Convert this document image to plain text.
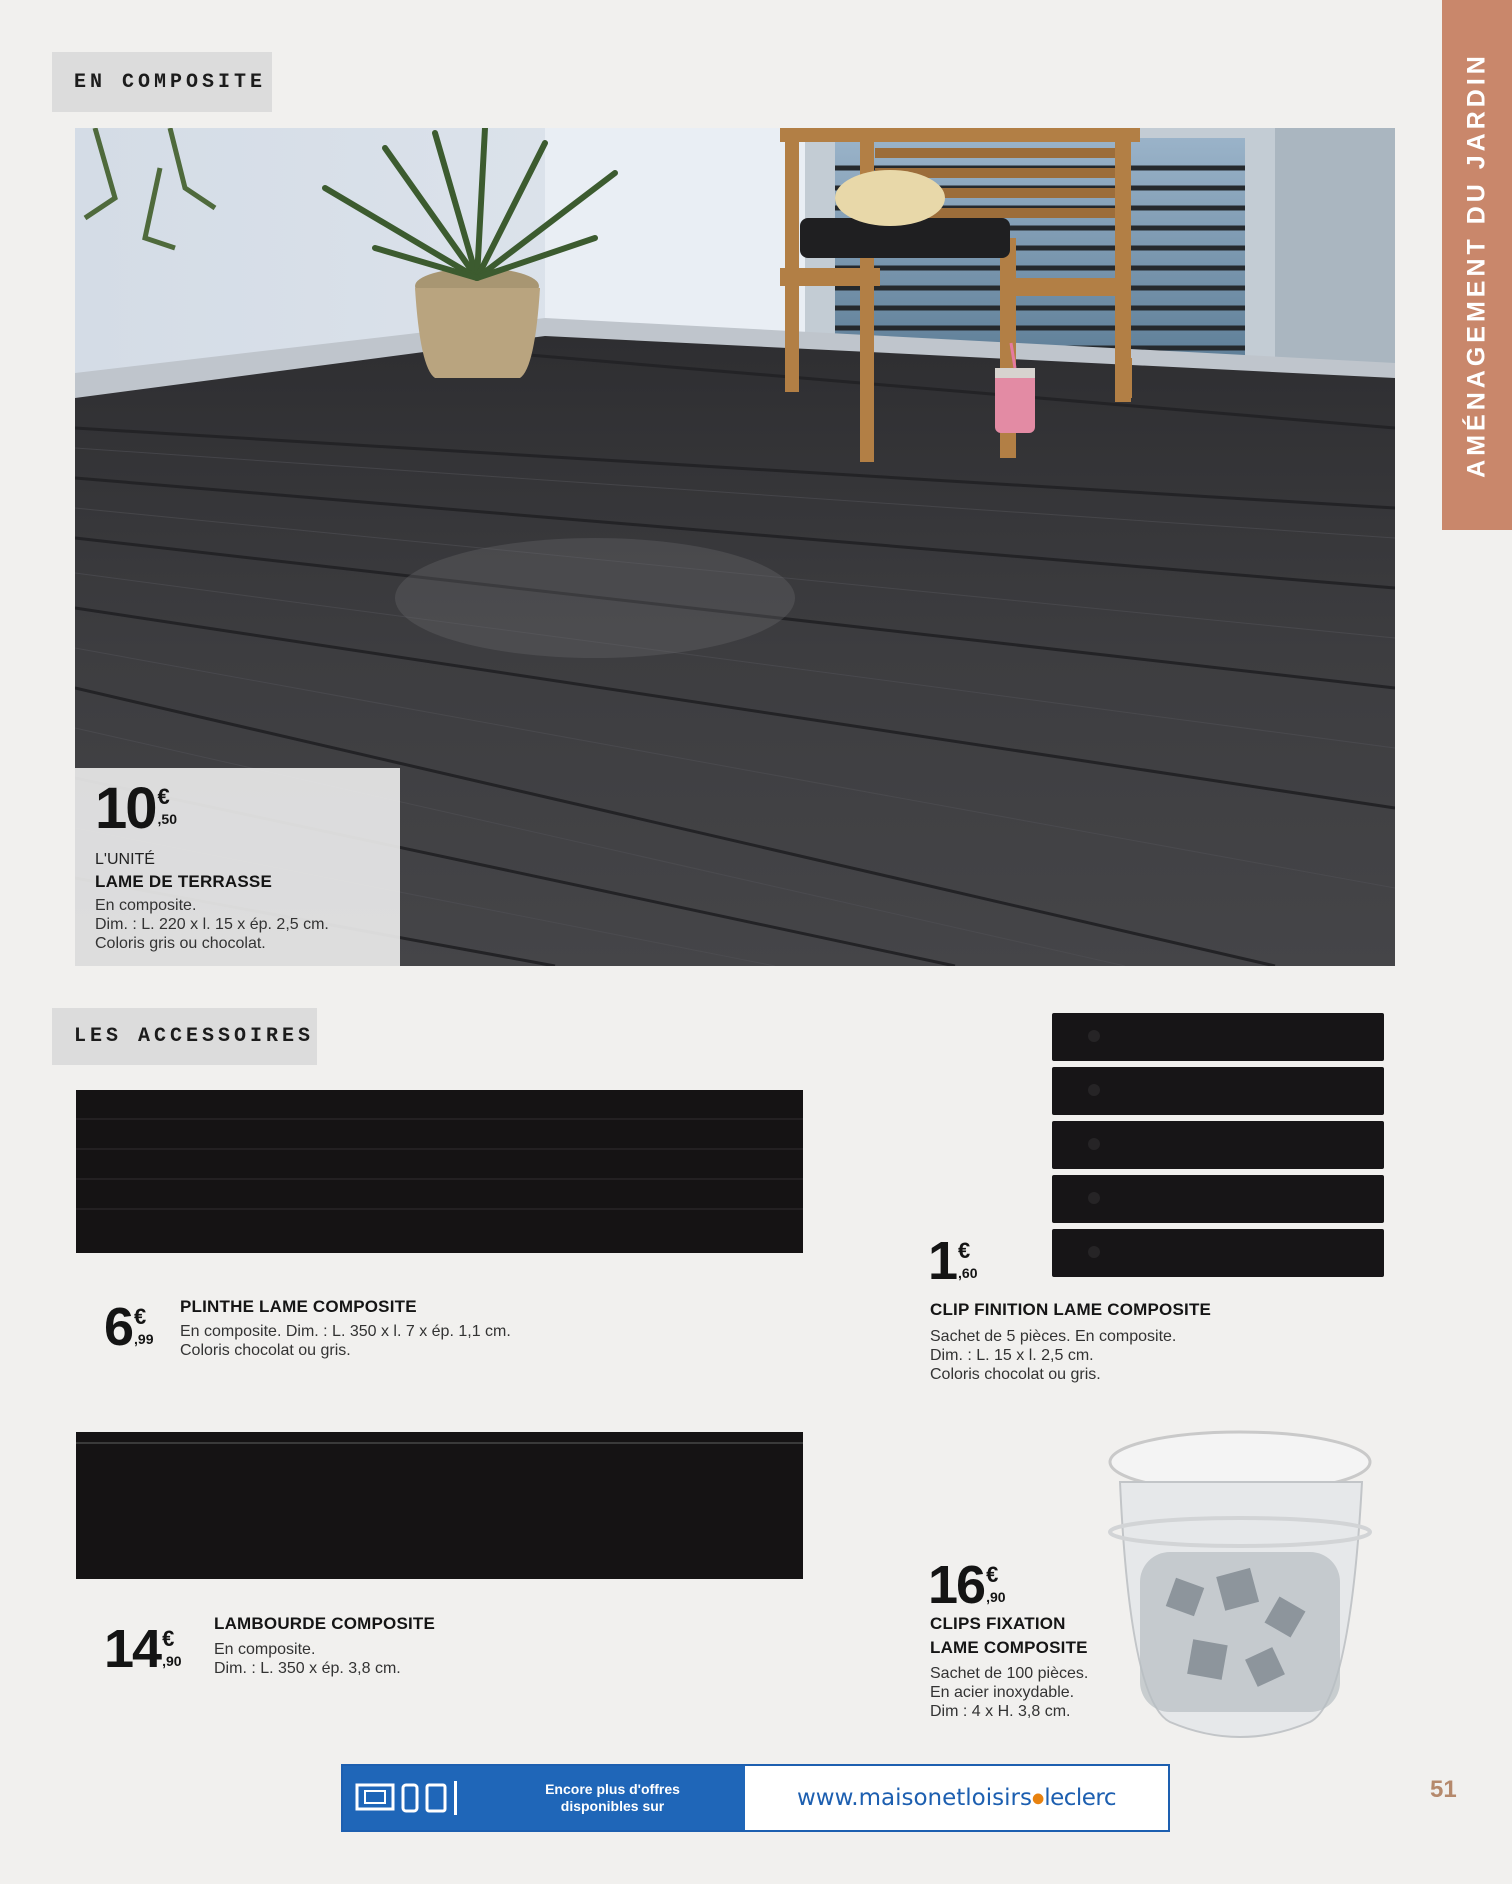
AMÉNAGEMENT DU JARDIN
EN COMPOSITE
10 €
,50
L'UNITÉ
LAME DE TERRASSE
En composite.
Dim. : L. 220 x l. 15 x ép. 2,5 cm.
Coloris gris ou chocolat.
LES ACCESSOIRES
6 €
,99
PLINTHE LAME COMPOSITE
En composite. Dim. : L. 350 x l. 7 x ép. 1,1 cm.
Coloris chocolat ou gris.
14 €
,90
LAMBOURDE COMPOSITE
En composite.
Dim. : L. 350 x ép. 3,8 cm.
1 €
,60
CLIP FINITION LAME COMPOSITE
Sachet de 5 pièces. En composite.
Dim. : L. 15 x l. 2,5 cm.
Coloris chocolat ou gris.
16 €
,90
CLIPS FIXATION
LAME COMPOSITE
Sachet de 100 pièces.
En acier inoxydable.
Dim : 4 x H. 3,8 cm.
Encore plus d'offres
disponibles sur	www.maisonetloisirs●leclerc	51
